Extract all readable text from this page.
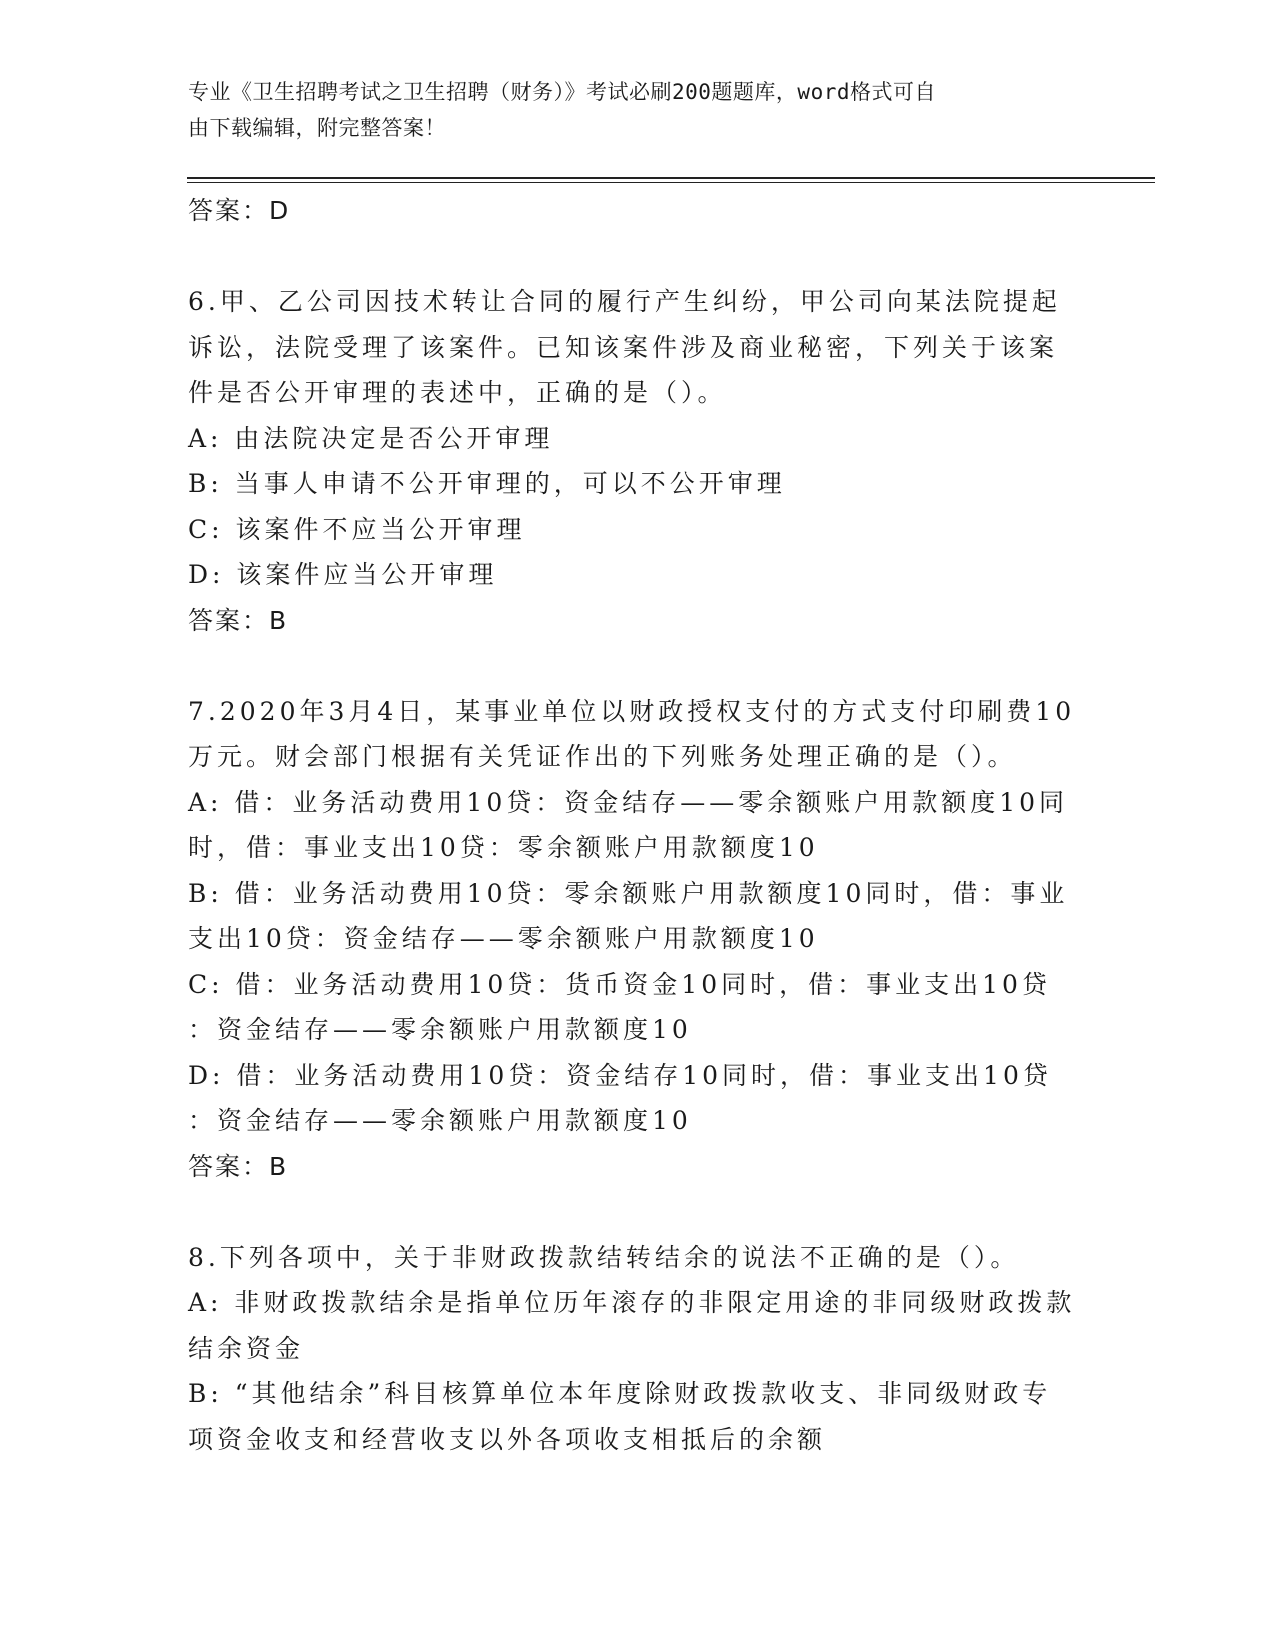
专业《卫生招聘考试之卫生招聘（财务）》考试必刷200题题库，word格式可自
由下载编辑，附完整答案！
答案：D
6.甲、乙公司因技术转让合同的履行产生纠纷，甲公司向某法院提起
诉讼，法院受理了该案件。已知该案件涉及商业秘密，下列关于该案
件是否公开审理的表述中，正确的是（）。
A: 由法院决定是否公开审理
B: 当事人申请不公开审理的，可以不公开审理
C: 该案件不应当公开审理
D: 该案件应当公开审理
答案：B
7.2020年3月4日，某事业单位以财政授权支付的方式支付印刷费10
万元。财会部门根据有关凭证作出的下列账务处理正确的是（）。
A: 借：业务活动费用10贷：资金结存——零余额账户用款额度10同
时，借：事业支出10贷：零余额账户用款额度10
B: 借：业务活动费用10贷：零余额账户用款额度10同时，借：事业
支出10贷：资金结存——零余额账户用款额度10
C: 借：业务活动费用10贷：货币资金10同时，借：事业支出10贷
：资金结存——零余额账户用款额度10
D: 借：业务活动费用10贷：资金结存10同时，借：事业支出10贷
：资金结存——零余额账户用款额度10
答案：B
8.下列各项中，关于非财政拨款结转结余的说法不正确的是（）。
A: 非财政拨款结余是指单位历年滚存的非限定用途的非同级财政拨款
结余资金
B: “其他结余”科目核算单位本年度除财政拨款收支、非同级财政专
项资金收支和经营收支以外各项收支相抵后的余额
